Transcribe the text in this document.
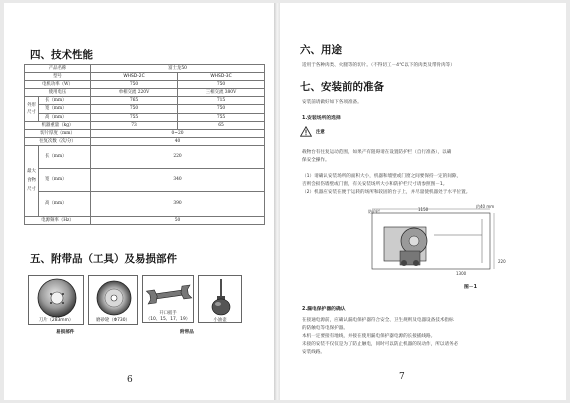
四、技术性能
产品名称		富士龙50	
型号		WHSD-2C	WHSD-3C
电机功率（W）		750	750
使用电压		单相交流 220V	三相交流 380V
外形尺寸	长（mm）	765	715
	宽（mm）	750	750
	高（mm）	755	755
机器重量（kg）		73	65
切片厚度（mm）		0~20	
往复次数（次/分）		40	
最大食物尺寸	长（mm）	220	
	宽（mm）	340	
	高（mm）	390	
电源频率（Hz）		50	
五、附带品（工具）及易损部件
刀片（283mm）	磨砂轮（Φ730）
开口扳手
（10、15、17、19）	小油壶
易损部件	附带品
6
六、用途
适用于各种肉类、火腿等的切片。（不得切工－4℃以下的肉类及带骨肉等）
七、安装前的准备
安装前请做好如下各项准备。
1.安装场所的选择
注意
载物台有往复运动范围，如果产有阻碍请在设置防护栏（自行准备），以确
保安全操作。
（1）请确认安装场所的面积大小，机器和墙壁或门窗之间要保持一定的间隙，
否则会损伤墙壁或门窗，有关安装场所大小和防护栏尺寸请参照图－1。
（2）机器应安装在便于运转的场所和较固的台子上，并尽量使机器处于水平位置。
防护栏	1150
约40 mm
1300
220
图－1
2.漏电保护器的确认
在接通电源前，应确认漏电保护器符合安全、卫生规则及电器设备技术指标
的防触电等电保护器。
本机一定要接有地线，并接在使用漏电保护器电源的长接插线路。
未接的安装不仅仅是为了防止触电，同时可以防止机器的误动作，所以请务必
安装线路。
7
